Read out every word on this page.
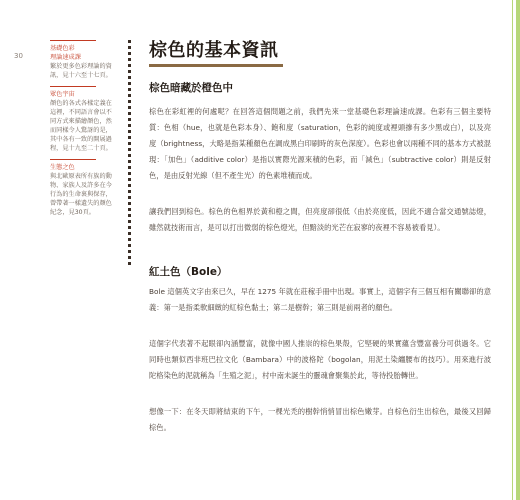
30
基礎色彩
理論速成課
繁於更多色彩理論的資訊，見十六至十七頁。
眾色宇宙
顏色的各式各樣定義在這裡，不同語言會以不同方式來描繪顏色，然而同樣令人驚訝的是，其中各有一致的開展過程，見十九至二十頁。
生態之色
與北歐原表所有族的動物、家族人及許多在今行為的生命裏與保存，曾帶著一樣遺失的顏色紀念，見30頁。
棕色的基本資訊
棕色暗藏於橙色中

棕色在彩虹裡的何處呢？在回答這個問題之前，我們先來一堂基礎色彩理論速成課。色彩有三個主要特質：色相（hue，也就是色彩本身）、飽和度（saturation，色彩的純度或裡頭摻有多少黑或白），以及亮度（brightness，大略是指某種顏色在調成黑白印刷時的灰色深度）。色彩也會以兩種不同的基本方式被混現：「加色」（additive color）是指以實際光源來積的色彩，而「減色」（subtractive color）則是反射色，是由反射光線（但不產生光）的色素堆積而成。

讓我們回到棕色。棕色的色相界於黃和橙之間，但亮度卻很低（由於亮度低，因此不適合當交通號誌燈，雖然就技術而言，是可以打出微弱的棕色燈光，但黯淡的光芒在寂寥的夜裡不容易被看見）。

紅土色（Bole）

Bole 這個英文字由來已久，早在 1275 年就在莊稼手冊中出現。事實上，這個字有三個互相有關聯卻的意義：第一是指柔軟細緻的紅棕色黏土；第二是樹幹；第三則是前兩者的顏色。

這個字代表著不起眼卻內涵豐富，就像中國人推崇的棕色果殼，它堅硬的果實蘊含豐富養分可供過冬。它同時也類似西非班巴拉文化（Bambara）中的波格陀（bogolan，用泥土染纏腰布的技巧）。用來進行波陀格染色的泥就稱為「生殖之泥」，村中南未誕生的靈魂會聚集於此，等待投胎轉世。

想像一下：在冬天即將結束的下午，一棵光禿的樹幹悄悄冒出棕色嫩芽。自棕色衍生出棕色，最後又回歸棕色。
